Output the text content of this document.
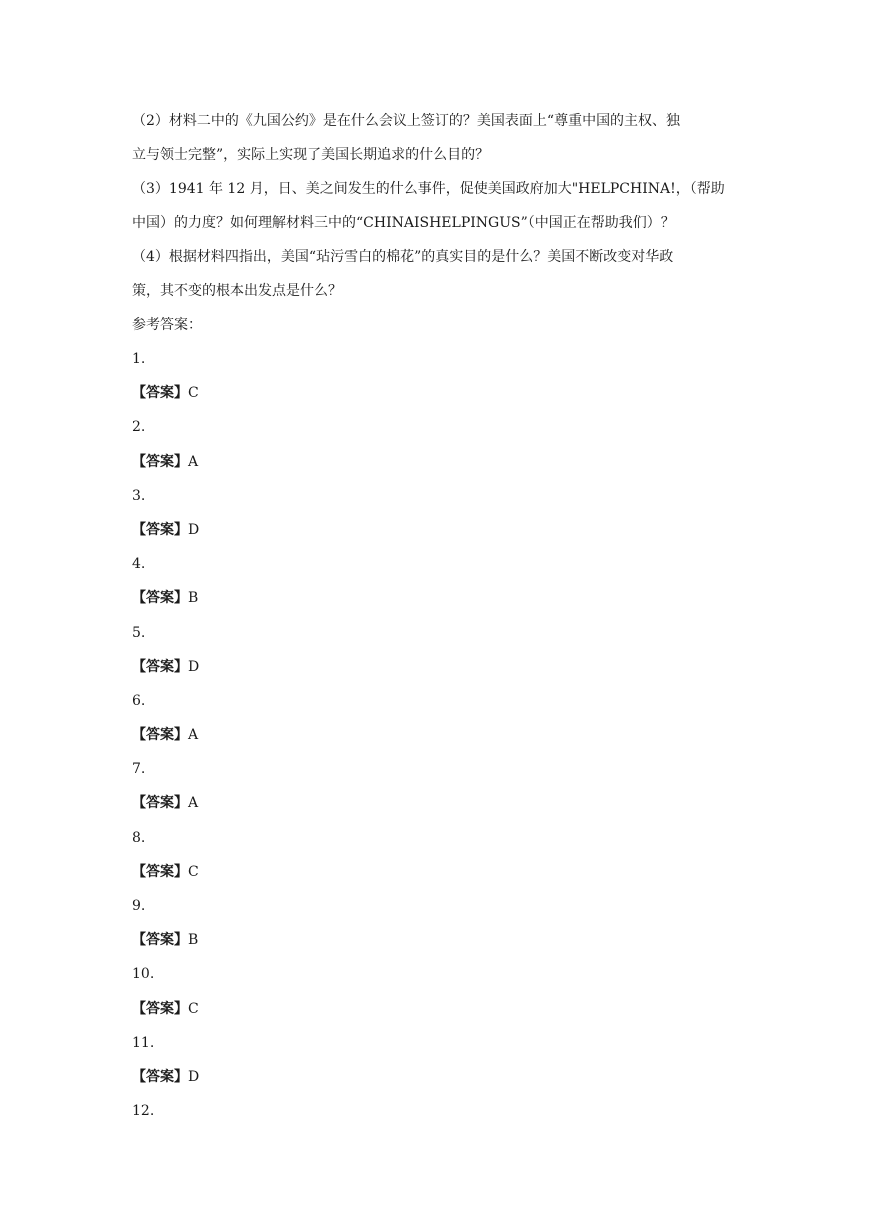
（2）材料二中的《九国公约》是在什么会议上签订的？美国表面上“尊重中国的主权、独
立与领士完整”，实际上实现了美国长期追求的什么目的？
（3）1941 年 12 月，日、美之间发生的什么事件，促使美国政府加大"HELPCHINA!，（帮助
中国）的力度？如何理解材料三中的“CHINAISHELPINGUS”（中国正在帮助我们）？
（4）根据材料四指出，美国“玷污雪白的棉花”的真实目的是什么？美国不断改变对华政
策，其不变的根本出发点是什么？
参考答案：
1.
【答案】C
2.
【答案】A
3.
【答案】D
4.
【答案】B
5.
【答案】D
6.
【答案】A
7.
【答案】A
8.
【答案】C
9.
【答案】B
10.
【答案】C
11.
【答案】D
12.
